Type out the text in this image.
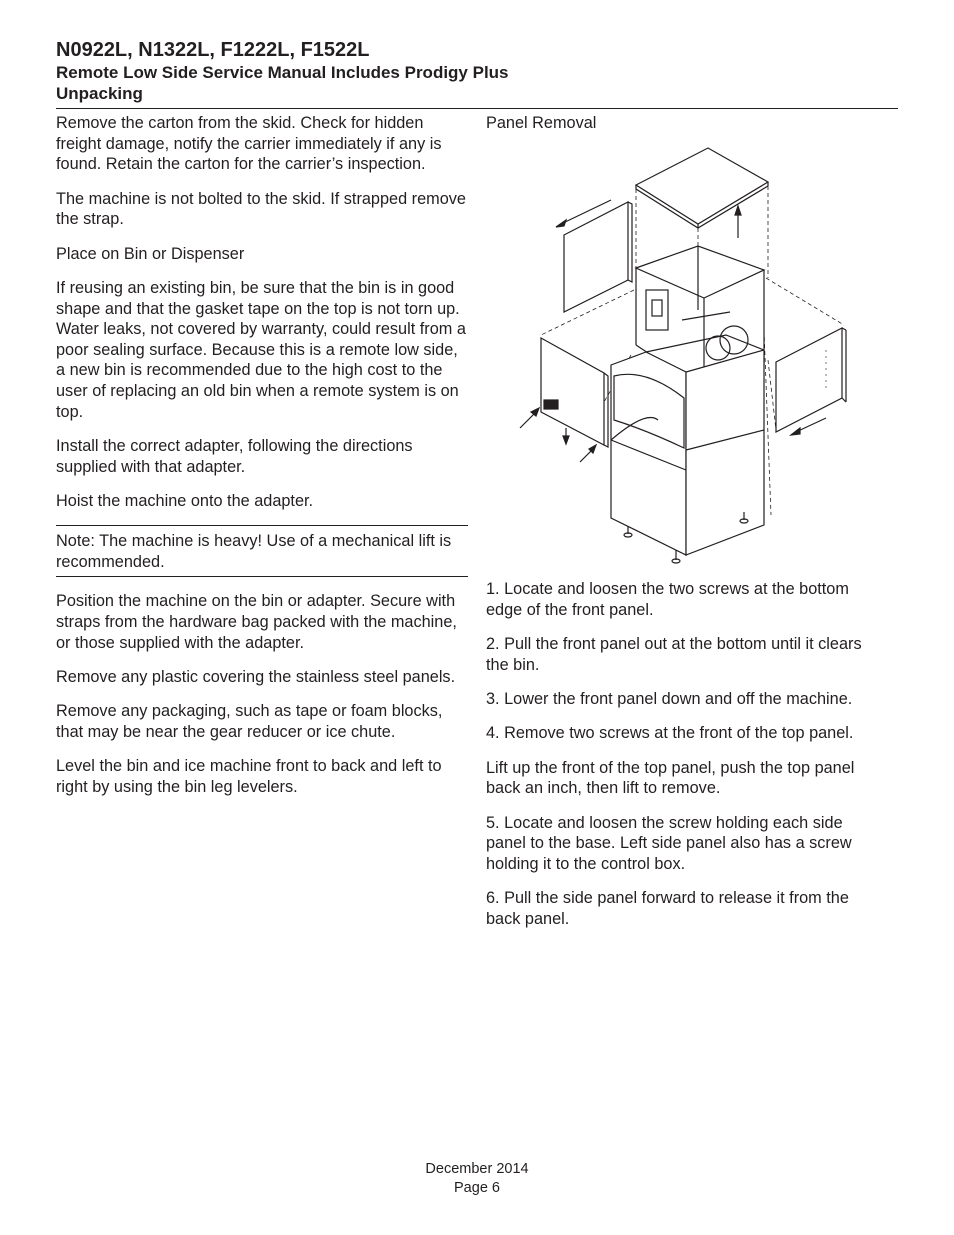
N0922L, N1322L, F1222L, F1522L

Remote Low Side Service Manual Includes Prodigy Plus

Unpacking

Remove the carton from the skid. Check for hidden freight damage, notify the carrier immediately if any is found. Retain the carton for the carrier’s inspection.

The machine is not bolted to the skid. If strapped remove the strap.

Place on Bin or Dispenser

If reusing an existing bin, be sure that the bin is in good shape and that the gasket tape on the top is not torn up. Water leaks, not covered by warranty, could result from a poor sealing surface. Because this is a remote low side, a new bin is recommended due to the high cost to the user of replacing an old bin when a remote system is on top.

Install the correct adapter, following the directions supplied with that adapter.

Hoist the machine onto the adapter.

Note: The machine is heavy! Use of a mechanical lift is recommended.

Position the machine on the bin or adapter. Secure with straps from the hardware bag packed with the machine, or those supplied with the adapter.

Remove any plastic covering the stainless steel panels.

Remove any packaging, such as tape or foam blocks, that may be near the gear reducer or ice chute.

Level the bin and ice machine front to back and left to right by using the bin leg levelers.

Panel Removal

1. Locate and loosen the two screws at the bottom edge of the front panel.

2. Pull the front panel out at the bottom until it clears the bin.

3. Lower the front panel down and off the machine.

4. Remove two screws at the front of the top panel.

Lift up the front of the top panel, push the top panel back an inch, then lift to remove.

5. Locate and loosen the screw holding each side panel to the base. Left side panel also has a screw holding it to the control box.

6. Pull the side panel forward to release it from the back panel.

December 2014
Page 6
